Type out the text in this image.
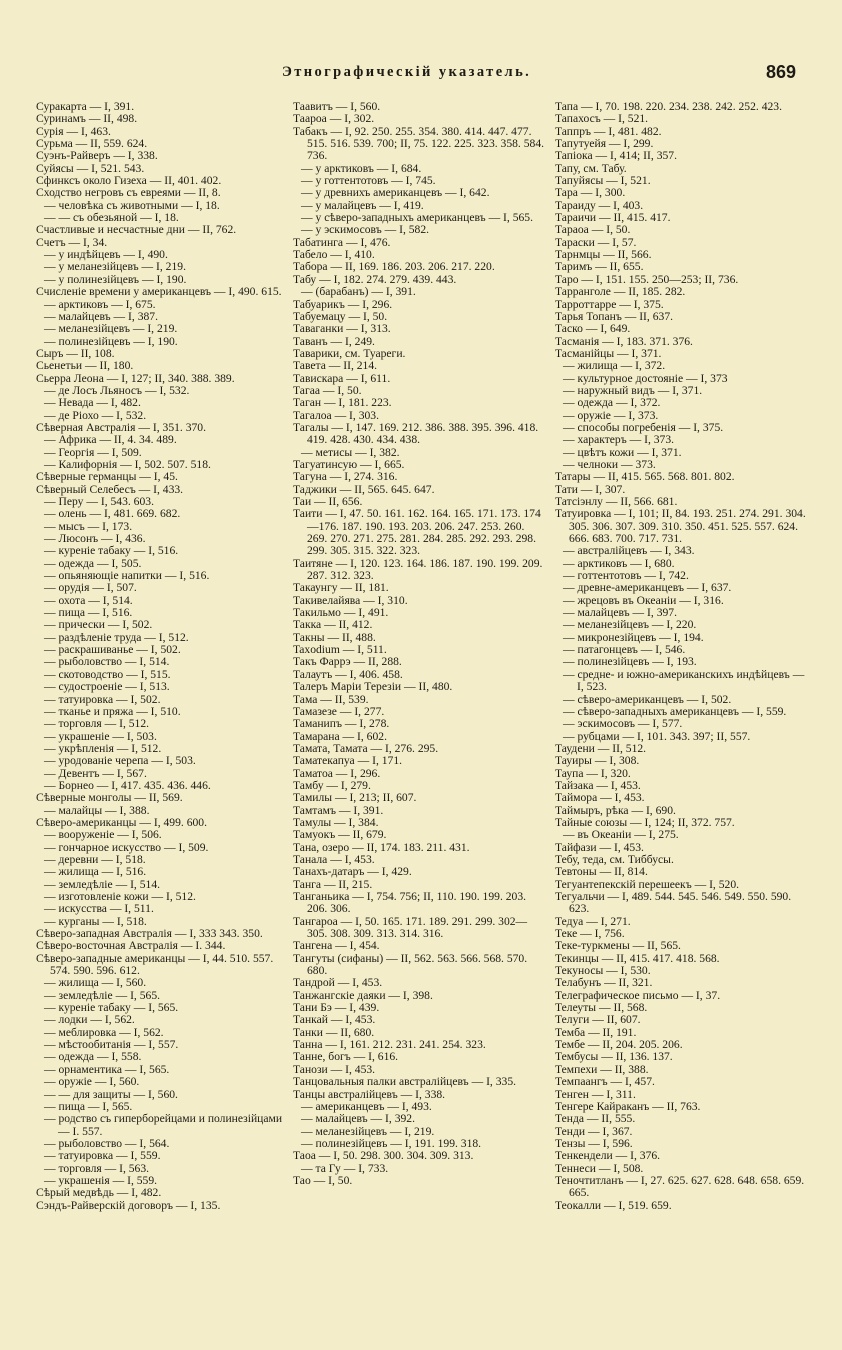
Этнографическій указатель.	869
Суракарта — I, 391.
Суринамъ — II, 498.
Сурія — I, 463.
Сурьма — II, 559. 624.
Суэнъ-Райверъ — I, 338.
Суйясы — I, 521. 543.
Сфинксъ около Гизеха — II, 401. 402.
Сходство негровъ съ евреями — II, 8.
— человѣка съ животными — I, 18.
— — съ обезьяной — I, 18.
Счастливые и несчастные дни — II, 762.
Счетъ — I, 34.
— у индѣйцевъ — I, 490.
— у меланезійцевъ — I, 219.
— у полинезійцевъ — I, 190.
Счисленіе времени у американцевъ — I, 490. 615.
— арктиковъ — I, 675.
— малайцевъ — I, 387.
— меланезійцевъ — I, 219.
— полинезійцевъ — I, 190.
Сыръ — II, 108.
Сьенетьи — II, 180.
Сьерра Леона — I, 127; II, 340. 388. 389.
— де Лосъ Льяносъ — I, 532.
— Невада — I, 482.
— де Ріохо — I, 532.
Сѣверная Австралія — I, 351. 370.
— Африка — II, 4. 34. 489.
— Георгія — I, 509.
— Калифорнія — I, 502. 507. 518.
Сѣверные германцы — I, 45.
Сѣверный Селебесъ — I, 433.
— Перу — I, 543. 603.
— олень — I, 481. 669. 682.
— мысъ — I, 173.
— Люсонъ — I, 436.
— куреніе табаку — I, 516.
— одежда — I, 505.
— опьяняющіе напитки — I, 516.
— орудія — I, 507.
— охота — I, 514.
— пища — I, 516.
— прически — I, 502.
— раздѣленіе труда — I, 512.
— раскрашиванье — I, 502.
— рыболовство — I, 514.
— скотоводство — I, 515.
— судостроеніе — I, 513.
— татуировка — I, 502.
— тканье и пряжа — I, 510.
— торговля — I, 512.
— украшеніе — I, 503.
— укрѣпленія — I, 512.
— уродованіе черепа — I, 503.
— Девентъ — I, 567.
— Борнео — I, 417. 435. 436. 446.
Сѣверные монголы — II, 569.
— малайцы — I, 388.
Сѣверо-американцы — I, 499. 600.
— вооруженіе — I, 506.
— гончарное искусство — I, 509.
— деревни — I, 518.
— жилища — I, 516.
— земледѣліе — I, 514.
— изготовленіе кожи — I, 512.
— искусства — I, 511.
— курганы — I, 518.
Сѣверо-западная Австралія — I, 333 343. 350.
Сѣверо-восточная Австралія — I. 344.
Сѣверо-западные американцы — I, 44. 510. 557. 574. 590. 596. 612.
— жилища — I, 560.
— земледѣліе — I, 565.
— куреніе табаку — I, 565.
— лодки — I, 562.
— меблировка — I, 562.
— мѣстообитанія — I, 557.
— одежда — I, 558.
— орнаментика — I, 565.
— оружіе — I, 560.
— — для защиты — I, 560.
— пища — I, 565.
— родство съ гиперборейцами и полинезійцами — I. 557.
— рыболовство — I, 564.
— татуировка — I, 559.
— торговля — I, 563.
— украшенія — I, 559.
Сѣрый медвѣдь — I, 482.
Сэндъ-Райверскій договоръ — I, 135.
Таавитъ — I, 560.
Таарoa — I, 302.
Табакъ — I, 92. 250. 255. 354. 380. 414. 447. 477. 515. 516. 539. 700; II, 75. 122. 225. 323. 358. 584. 736.
— у арктиковъ — I, 684.
— у готтентотовъ — I, 745.
— у древнихъ американцевъ — I, 642.
— у малайцевъ — I, 419.
— у сѣверо-западныхъ американцевъ — I, 565.
— у эскимосовъ — I, 582.
Табатинга — I, 476.
Табело — I, 410.
Табора — II, 169. 186. 203. 206. 217. 220.
Табу — I, 182. 274. 279. 439. 443.
— (барабанъ) — I, 391.
Табуарикъ — I, 296.
Табуемацу — I, 50.
Таваганки — I, 313.
Таванъ — I, 249.
Таварики, см. Туареги.
Тавета — II, 214.
Тавискара — I, 611.
Тагаа — I, 50.
Таган — I, 181. 223.
Тагалоа — I, 303.
Тагалы — I, 147. 169. 212. 386. 388. 395. 396. 418. 419. 428. 430. 434. 438.
— метисы — I, 382.
Тагуатинсую — I, 665.
Тагуна — I, 274. 316.
Таджики — II, 565. 645. 647.
Таи — II, 656.
Таити — I, 47. 50. 161. 162. 164. 165. 171. 173. 174—176. 187. 190. 193. 203. 206. 247. 253. 260. 269. 270. 271. 275. 281. 284. 285. 292. 293. 298. 299. 305. 315. 322. 323.
Таитяне — I, 120. 123. 164. 186. 187. 190. 199. 209. 287. 312. 323.
Такаунгу — II, 181.
Такивелайява — I, 310.
Такильмо — I, 491.
Такка — II, 412.
Такны — II, 488.
Taxodium — I, 511.
Такъ Фаррэ — II, 288.
Талаутъ — I, 406. 458.
Талеръ Маріи Терезіи — II, 480.
Тама — II, 539.
Тамазезе — I, 277.
Таманипъ — I, 278.
Тамарана — I, 602.
Тамата, Тамата — I, 276. 295.
Таматекапуа — I, 171.
Таматоа — I, 296.
Тамбу — I, 279.
Тамилы — I, 213; II, 607.
Тамтамъ — I, 391.
Тамулы — I, 384.
Тамуокъ — II, 679.
Тана, озеро — II, 174. 183. 211. 431.
Танала — I, 453.
Танахъ-датаръ — I, 429.
Танга — II, 215.
Танганьика — I, 754. 756; II, 110. 190. 199. 203. 206. 306.
Тангароа — I, 50. 165. 171. 189. 291. 299. 302—305. 308. 309. 313. 314. 316.
Тангена — I, 454.
Тангуты (сифаны) — II, 562. 563. 566. 568. 570. 680.
Тандрой — I, 453.
Танжангскіе даяки — I, 398.
Тани Бэ — I, 439.
Танкай — I, 453.
Танки — II, 680.
Танна — I, 161. 212. 231. 241. 254. 323.
Танне, богъ — I, 616.
Танози — I, 453.
Танцовальныя палки австралійцевъ — I, 335.
Танцы австралійцевъ — I, 338.
— американцевъ — I, 493.
— малайцевъ — I, 392.
— меланезійцевъ — I, 219.
— полинезійцевъ — I, 191. 199. 318.
Таоа — I, 50. 298. 300. 304. 309. 313.
— та Гу — I, 733.
Тао — I, 50.
Тапа — I, 70. 198. 220. 234. 238. 242. 252. 423.
Тапахосъ — I, 521.
Таппръ — I, 481. 482.
Тапутуейя — I, 299.
Тапіока — I, 414; II, 357.
Тапу, см. Табу.
Тапуйясы — I, 521.
Тара — I, 300.
Тараиду — I, 403.
Тараичи — II, 415. 417.
Тараоа — I, 50.
Тараски — I, 57.
Тарнмцы — II, 566.
Таримъ — II, 655.
Таро — I, 151. 155. 250—253; II, 736.
Тарранголе — II, 185. 282.
Тарроттарре — I, 375.
Тарья Топанъ — II, 637.
Таско — I, 649.
Тасманія — I, 183. 371. 376.
Тасманійцы — I, 371.
— жилища — I, 372.
— культурное достояніе — I, 373
— наружный видъ — I, 371.
— одежда — I, 372.
— оружіе — I, 373.
— способы погребенія — I, 375.
— характеръ — I, 373.
— цвѣтъ кожи — I, 371.
— челноки — 373.
Татары — II, 415. 565. 568. 801. 802.
Тати — I, 307.
Татсіэнлу — II, 566. 681.
Татуировка — I, 101; II, 84. 193. 251. 274. 291. 304. 305. 306. 307. 309. 310. 350. 451. 525. 557. 624. 666. 683. 700. 717. 731.
— австралійцевъ — I, 343.
— арктиковъ — I, 680.
— готтентотовъ — I, 742.
— древне-американцевъ — I, 637.
— жрецовъ въ Океаніи — I, 316.
— малайцевъ — I, 397.
— меланезійцевъ — I, 220.
— микронезійцевъ — I, 194.
— патагонцевъ — I, 546.
— полинезійцевъ — I, 193.
— средне- и южно-американскихъ индѣйцевъ — I, 523.
— сѣверо-американцевъ — I, 502.
— сѣверо-западныхъ американцевъ — I, 559.
— эскимосовъ — I, 577.
— рубцами — I, 101. 343. 397; II, 557.
Таудени — II, 512.
Тауиры — I, 308.
Таупа — I, 320.
Тайзака — I, 453.
Таймора — I, 453.
Таймыръ, рѣка — I, 690.
Тайные союзы — I, 124; II, 372. 757.
— въ Океаніи — I, 275.
Тайфази — I, 453.
Тебу, теда, см. Тиббусы.
Тевтоны — II, 814.
Тегуантепекскій перешеекъ — I, 520.
Тегуальчи — I, 489. 544. 545. 546. 549. 550. 590. 623.
Тедуа — I, 271.
Теке — I, 756.
Теке-туркмены — II, 565.
Текинцы — II, 415. 417. 418. 568.
Текуносы — I, 530.
Телабунъ — II, 321.
Телеграфическое письмо — I, 37.
Телеуты — II, 568.
Телуги — II, 607.
Темба — II, 191.
Тембе — II, 204. 205. 206.
Тембусы — II, 136. 137.
Темпехи — II, 388.
Темпаангъ — I, 457.
Тенген — I, 311.
Тенгере Кайраканъ — II, 763.
Тенда — II, 555.
Тенди — I, 367.
Тензы — I, 596.
Тенкендели — I, 376.
Теннеси — I, 508.
Теночтитланъ — I, 27. 625. 627. 628. 648. 658. 659. 665.
Теокалли — I, 519. 659.
